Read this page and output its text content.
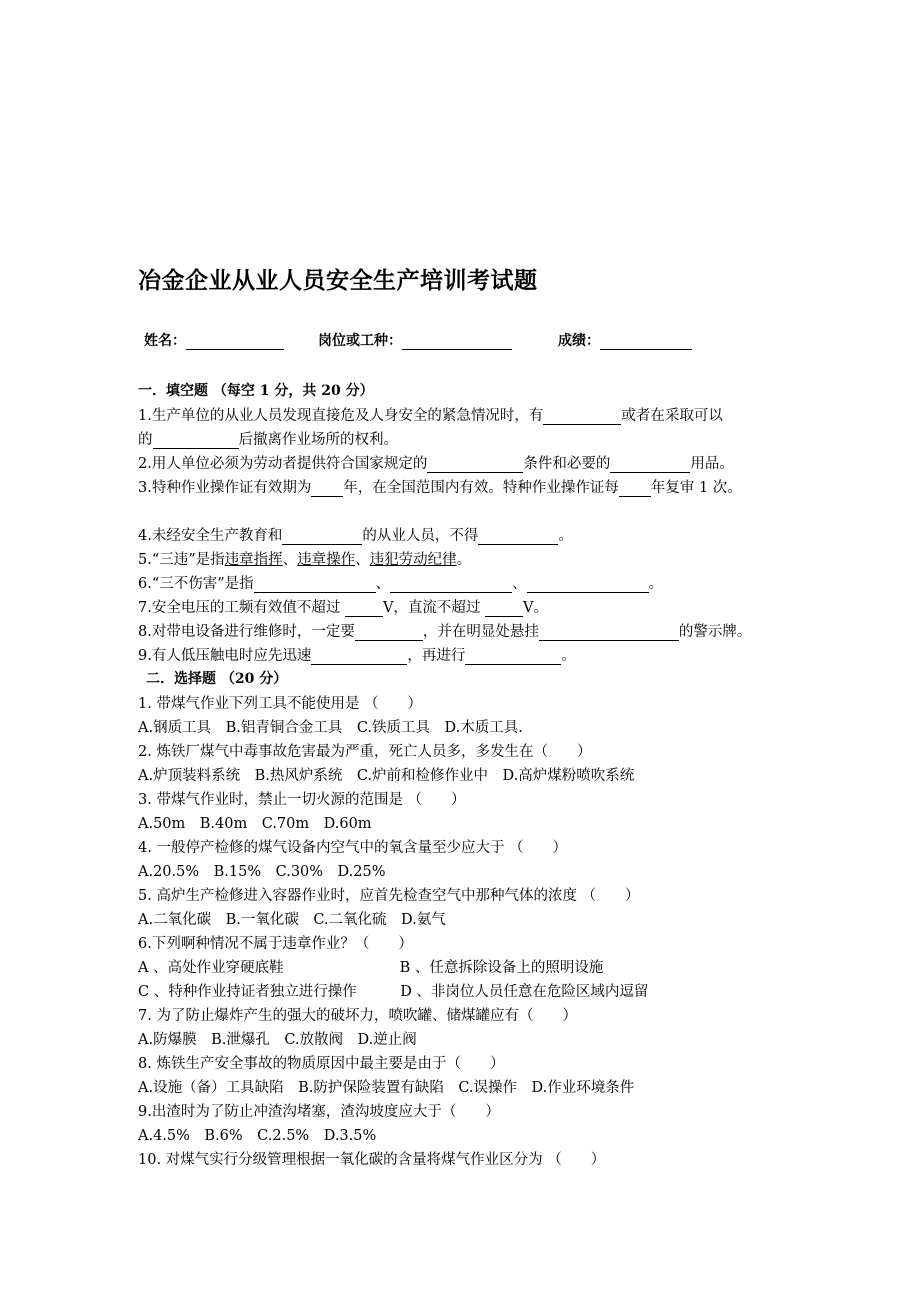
冶金企业从业人员安全生产培训考试题
姓名：	岗位或工种：	成绩：
一．填空题 （每空 1 分，共 20 分）
1.生产单位的从业人员发现直接危及人身安全的紧急情况时，有	或者在采取可以
的	后撤离作业场所的权利。
2.用人单位必须为劳动者提供符合国家规定的	条件和必要的	用品。
3.特种作业操作证有效期为 年，在全国范围内有效。特种作业操作证每 年复审 1 次。
4.未经安全生产教育和	的从业人员，不得	。
5.“三违”是指违章指挥、违章操作、违犯劳动纪律。
6.“三不伤害”是指	、	、	。
7.安全电压的工频有效值不超过	V，直流不超过	V。
8.对带电设备进行维修时，一定要	，并在明显处悬挂	的警示牌。
9.有人低压触电时应先迅速	，再进行	。
二．选择题 （20 分）
1. 带煤气作业下列工具不能使用是 （　　）
A.钢质工具　B.铝青铜合金工具　C.铁质工具　D.木质工具.
2. 炼铁厂煤气中毒事故危害最为严重，死亡人员多，多发生在（　　）
A.炉顶装料系统　B.热风炉系统　C.炉前和检修作业中　D.高炉煤粉喷吹系统
3. 带煤气作业时，禁止一切火源的范围是 （　　）
A.50m　B.40m　C.70m　D.60m
4. 一般停产检修的煤气设备内空气中的氧含量至少应大于 （　　）
A.20.5%　B.15%　C.30%　D.25%
5. 高炉生产检修进入容器作业时，应首先检查空气中那种气体的浓度 （　　）
A.二氧化碳　B.一氧化碳　C.二氧化硫　D.氨气
6.下列啊种情况不属于违章作业？（　　）
A 、高处作业穿硬底鞋　　　　　　　　B 、任意拆除设备上的照明设施
C 、特种作业持证者独立进行操作　　　D 、非岗位人员任意在危险区域内逗留
7. 为了防止爆炸产生的强大的破坏力，喷吹罐、储煤罐应有（　　）
A.防爆膜　B.泄爆孔　C.放散阀　D.逆止阀
8. 炼铁生产安全事故的物质原因中最主要是由于（　　）
A.设施（备）工具缺陷　B.防护保险装置有缺陷　C.误操作　D.作业环境条件
9.出渣时为了防止冲渣沟堵塞，渣沟坡度应大于（　　）
A.4.5%　B.6%　C.2.5%　D.3.5%
10. 对煤气实行分级管理根据一氧化碳的含量将煤气作业区分为 （　　）
